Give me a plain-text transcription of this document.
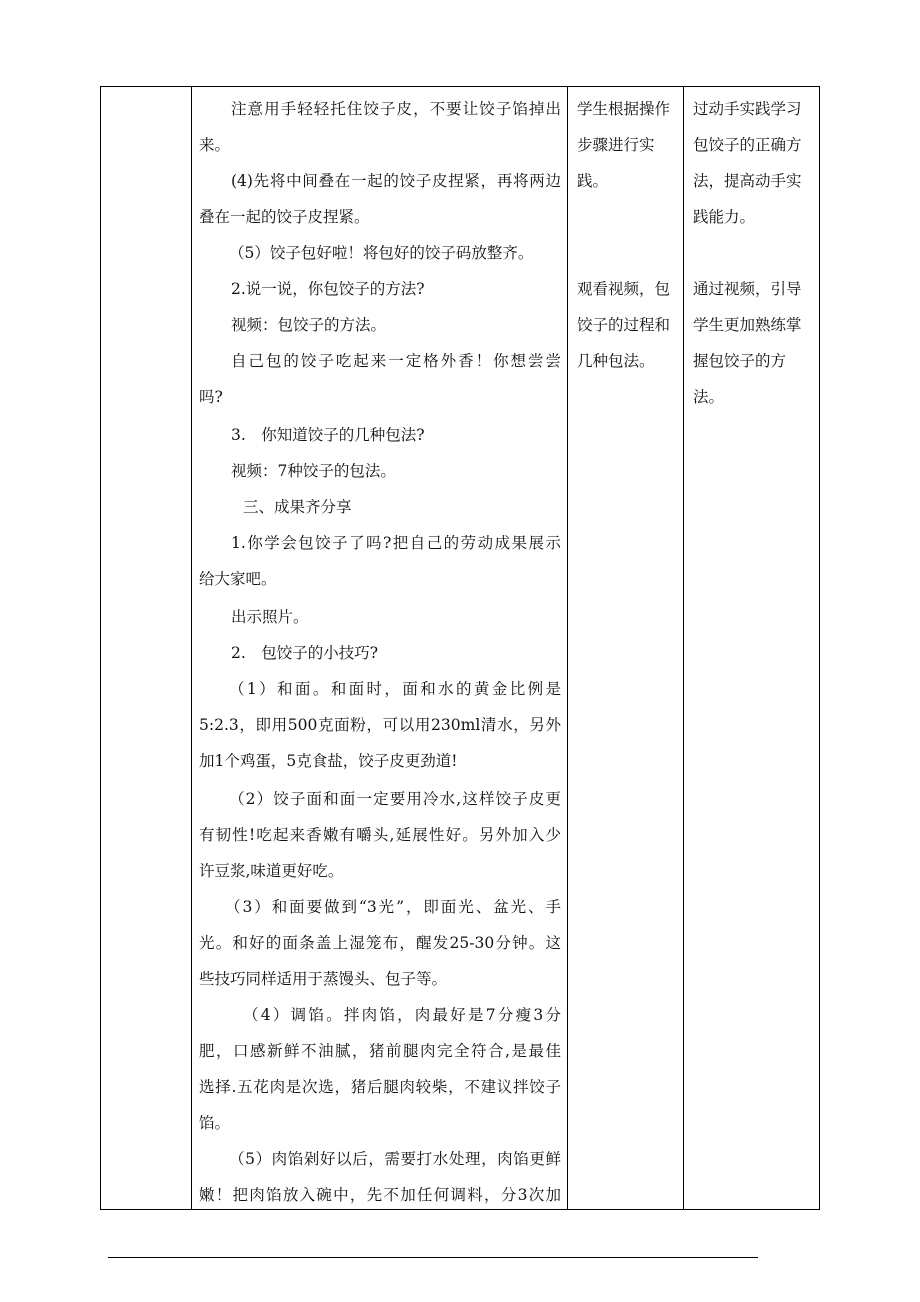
注意用手轻轻托住饺子皮，不要让饺子馅掉出

来。

(4)先将中间叠在一起的饺子皮捏紧，再将两边

叠在一起的饺子皮捏紧。

（5）饺子包好啦！将包好的饺子码放整齐。

2.说一说，你包饺子的方法?

视频：包饺子的方法。

自己包的饺子吃起来一定格外香！你想尝尝

吗?

3.　你知道饺子的几种包法?

视频：7种饺子的包法。

三、成果齐分享

1.你学会包饺子了吗?把自己的劳动成果展示

给大家吧。

出示照片。

2.　包饺子的小技巧?

（1）和面。和面时，面和水的黄金比例是

5:2.3，即用500克面粉，可以用230ml清水，另外

加1个鸡蛋，5克食盐，饺子皮更劲道!

（2）饺子面和面一定要用冷水,这样饺子皮更

有韧性!吃起来香嫩有嚼头,延展性好。另外加入少

许豆浆,味道更好吃。

（3）和面要做到“3光”，即面光、盆光、手

光。和好的面条盖上湿笼布，醒发25-30分钟。这

些技巧同样适用于蒸馒头、包子等。

（4）调馅。拌肉馅，肉最好是7分瘦3分

肥，口感新鲜不油腻，猪前腿肉完全符合,是最佳

选择.五花肉是次选，猪后腿肉较柴，不建议拌饺子

馅。

（5）肉馅剁好以后，需要打水处理，肉馅更鲜

嫩！把肉馅放入碗中，先不加任何调料，分3次加

学生根据操作

步骤进行实践。

观看视频，包

饺子的过程和

几种包法。

过动手实践学习

包饺子的正确方

法，提高动手实

践能力。

通过视频，引导

学生更加熟练掌

握包饺子的方法。
